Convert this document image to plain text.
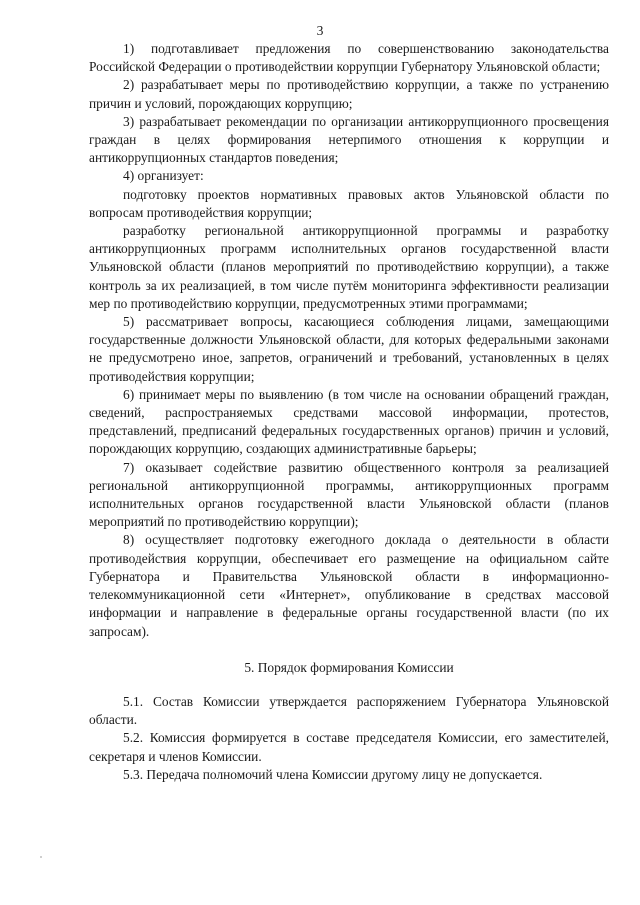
3

1) подготавливает предложения по совершенствованию законодательства Российской Федерации о противодействии коррупции Губернатору Ульяновской области;

2) разрабатывает меры по противодействию коррупции, а также по устранению причин и условий, порождающих коррупцию;

3) разрабатывает рекомендации по организации антикоррупционного просвещения граждан в целях формирования нетерпимого отношения к коррупции и антикоррупционных стандартов поведения;

4) организует:

подготовку проектов нормативных правовых актов Ульяновской области по вопросам противодействия коррупции;

разработку региональной антикоррупционной программы и разработку антикоррупционных программ исполнительных органов государственной власти Ульяновской области (планов мероприятий по противодействию коррупции), а также контроль за их реализацией, в том числе путём мониторинга эффективности реализации мер по противодействию коррупции, предусмотренных этими программами;

5) рассматривает вопросы, касающиеся соблюдения лицами, замещающими государственные должности Ульяновской области, для которых федеральными законами не предусмотрено иное, запретов, ограничений и требований, установленных в целях противодействия коррупции;

6) принимает меры по выявлению (в том числе на основании обращений граждан, сведений, распространяемых средствами массовой информации, протестов, представлений, предписаний федеральных государственных органов) причин и условий, порождающих коррупцию, создающих административные барьеры;

7) оказывает содействие развитию общественного контроля за реализацией региональной антикоррупционной программы, антикоррупционных программ исполнительных органов государственной власти Ульяновской области (планов мероприятий по противодействию коррупции);

8) осуществляет подготовку ежегодного доклада о деятельности в области противодействия коррупции, обеспечивает его размещение на официальном сайте Губернатора и Правительства Ульяновской области в информационно-телекоммуникационной сети «Интернет», опубликование в средствах массовой информации и направление в федеральные органы государственной власти (по их запросам).

5. Порядок формирования Комиссии

5.1. Состав Комиссии утверждается распоряжением Губернатора Ульяновской области.

5.2. Комиссия формируется в составе председателя Комиссии, его заместителей, секретаря и членов Комиссии.

5.3. Передача полномочий члена Комиссии другому лицу не допускается.
